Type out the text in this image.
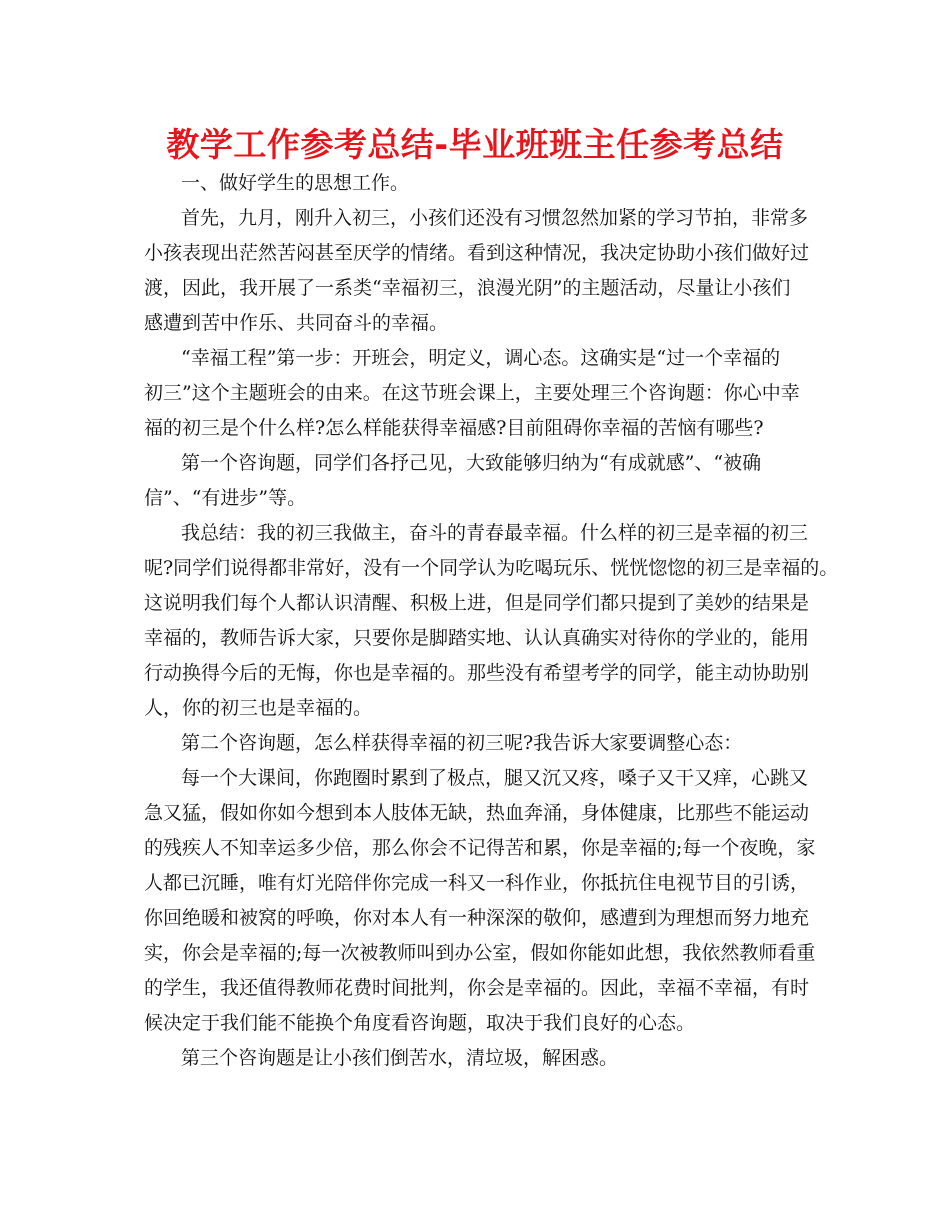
教学工作参考总结-毕业班班主任参考总结
一、做好学生的思想工作。
首先，九月，刚升入初三，小孩们还没有习惯忽然加紧的学习节拍，非常多
小孩表现出茫然苦闷甚至厌学的情绪。看到这种情况，我决定协助小孩们做好过
渡，因此，我开展了一系类“幸福初三，浪漫光阴”的主题活动，尽量让小孩们
感遭到苦中作乐、共同奋斗的幸福。
“幸福工程”第一步：开班会，明定义，调心态。这确实是“过一个幸福的
初三”这个主题班会的由来。在这节班会课上，主要处理三个咨询题：你心中幸
福的初三是个什么样?怎么样能获得幸福感?目前阻碍你幸福的苦恼有哪些?
第一个咨询题，同学们各抒己见，大致能够归纳为“有成就感”、“被确
信”、“有进步”等。
我总结：我的初三我做主，奋斗的青春最幸福。什么样的初三是幸福的初三
呢?同学们说得都非常好，没有一个同学认为吃喝玩乐、恍恍惚惚的初三是幸福的。
这说明我们每个人都认识清醒、积极上进，但是同学们都只提到了美妙的结果是
幸福的，教师告诉大家，只要你是脚踏实地、认认真确实对待你的学业的，能用
行动换得今后的无悔，你也是幸福的。那些没有希望考学的同学，能主动协助别
人，你的初三也是幸福的。
第二个咨询题，怎么样获得幸福的初三呢?我告诉大家要调整心态：
每一个大课间，你跑圈时累到了极点，腿又沉又疼，嗓子又干又痒，心跳又
急又猛，假如你如今想到本人肢体无缺，热血奔涌，身体健康，比那些不能运动
的残疾人不知幸运多少倍，那么你会不记得苦和累，你是幸福的;每一个夜晚，家
人都已沉睡，唯有灯光陪伴你完成一科又一科作业，你抵抗住电视节目的引诱，
你回绝暖和被窝的呼唤，你对本人有一种深深的敬仰，感遭到为理想而努力地充
实，你会是幸福的;每一次被教师叫到办公室，假如你能如此想，我依然教师看重
的学生，我还值得教师花费时间批判，你会是幸福的。因此，幸福不幸福，有时
候决定于我们能不能换个角度看咨询题，取决于我们良好的心态。
第三个咨询题是让小孩们倒苦水，清垃圾，解困惑。
